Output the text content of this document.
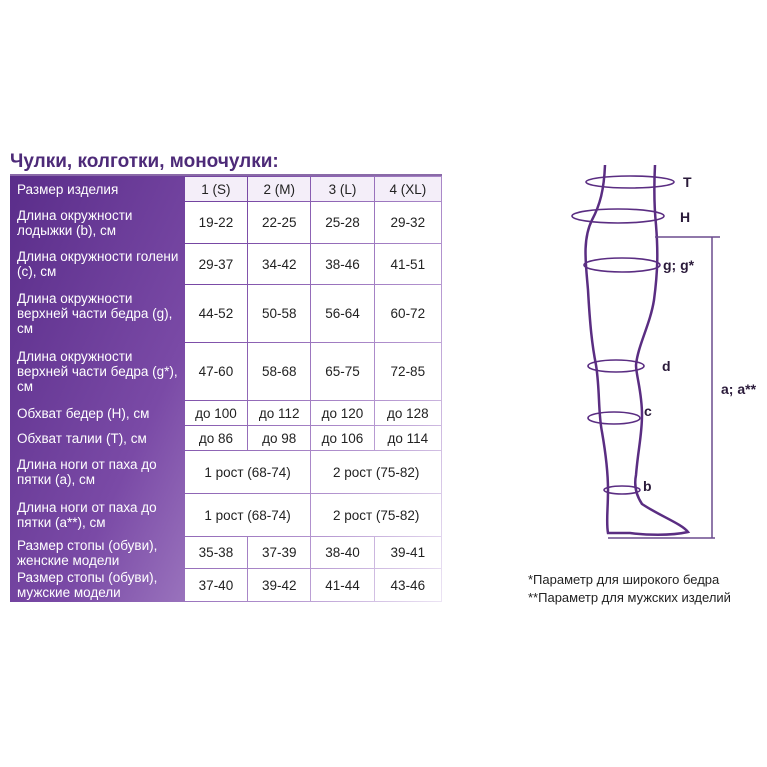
Чулки, колготки, моночулки:
Размер изделия	1 (S)	2 (M)	3 (L)	4 (XL)
Длина окружности лодыжки (b), см	19-22	22-25	25-28	29-32
Длина окружности голени (c), см	29-37	34-42	38-46	41-51
Длина окружности верхней части бедра (g), см	44-52	50-58	56-64	60-72
Длина окружности верхней части бедра (g*), см	47-60	58-68	65-75	72-85
Обхват бедер (H), см	до 100	до 112	до 120	до 128
Обхват талии (T), см	до 86	до 98	до 106	до 114
Длина ноги от паха до пятки (a), см	1 рост (68-74)		2 рост (75-82)	
Длина ноги от паха до пятки (a**), см	1 рост (68-74)		2 рост (75-82)	
Размер стопы (обуви), женские модели	35-38	37-39	38-40	39-41
Размер стопы (обуви), мужские модели	37-40	39-42	41-44	43-46
T
H
g; g*
d
c
b
a; a**
*Параметр для широкого бедра
**Параметр для мужских изделий
